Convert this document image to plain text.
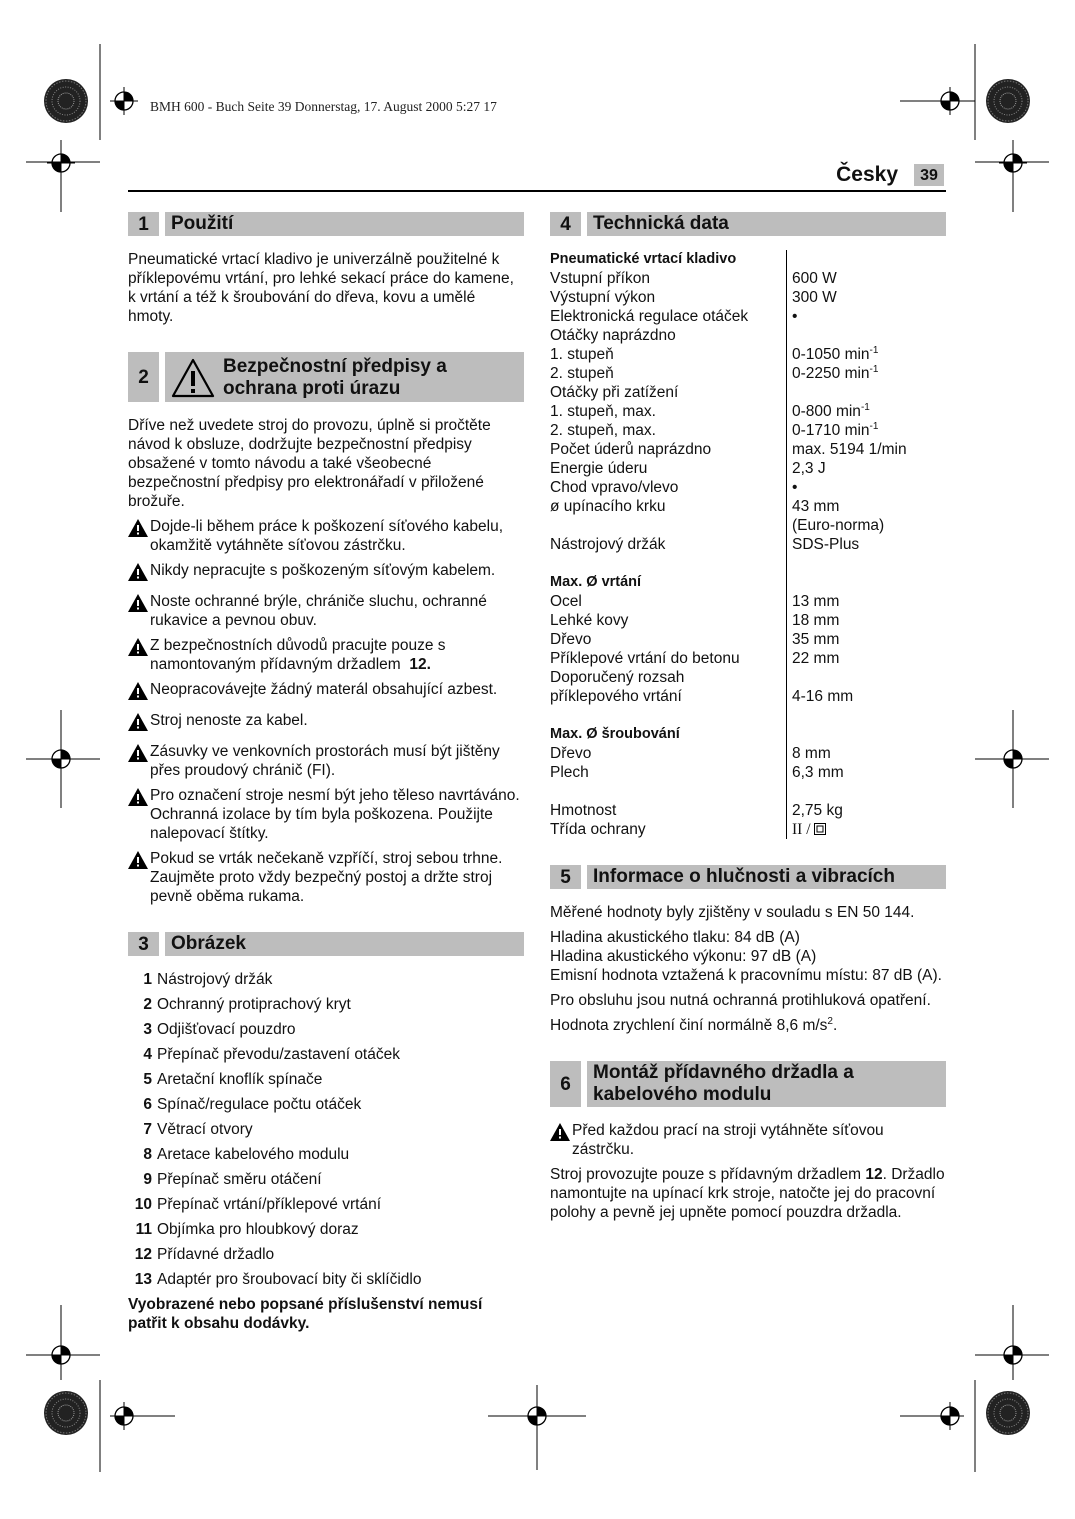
BMH 600 - Buch Seite 39 Donnerstag, 17. August 2000 5:27 17
Česky	39
1	Použití

Pneumatické vrtací kladivo je univerzálně použitelné k příklepovému vrtání, pro lehké sekací práce do kamene, k vrtání a též k šroubování do dřeva, kovu a umělé hmoty.

2	Bezpečnostní předpisy a
ochrana proti úrazu

Dříve než uvedete stroj do provozu, úplně si pročtěte návod k obsluze, dodržujte bezpečnostní předpisy obsažené v tomto návodu a také všeobecné bezpečnostní předpisy pro elektronářadí v přiložené brožuře.

Dojde-li během práce k poškození síťového kabelu, okamžitě vytáhněte síťovou zástrčku.
Nikdy nepracujte s poškozeným síťovým kabelem.
Noste ochranné brýle, chrániče sluchu, ochranné rukavice a pevnou obuv.
Z bezpečnostních důvodů pracujte pouze s namontovaným přídavným držadlem 12.
Neopracovávejte žádný materál obsahující azbest.
Stroj nenoste za kabel.
Zásuvky ve venkovních prostorách musí být jištěny přes proudový chránič (FI).
Pro označení stroje nesmí být jeho těleso navrtáváno. Ochranná izolace by tím byla poškozena. Použijte nalepovací štítky.
Pokud se vrták nečekaně vzpříčí, stroj sebou trhne. Zaujměte proto vždy bezpečný postoj a držte stroj pevně oběma rukama.
3	Obrázek
1 Nástrojový držák
2 Ochranný protiprachový kryt
3 Odjišťovací pouzdro
4 Přepínač převodu/zastavení otáček
5 Aretační knoflík spínače
6 Spínač/regulace počtu otáček
7 Větrací otvory
8 Aretace kabelového modulu
9 Přepínač směru otáčení
10 Přepínač vrtání/příklepové vrtání
11 Objímka pro hloubkový doraz
12 Přídavné držadlo
13 Adaptér pro šroubovací bity či sklíčidlo

Vyobrazené nebo popsané příslušenství nemusí patřit k obsahu dodávky.

4	Technická data
Pneumatické vrtací kladivo
Vstupní příkon	600 W
Výstupní výkon	300 W
Elektronická regulace otáček	•
Otáčky naprázdno
1. stupeň	0-1050 $\min^{-1}$
2. stupeň	0-2250 $\min^{-1}$
Otáčky při zatížení
1. stupeň, max.	0-800 $\min^{-1}$
2. stupeň, max.	0-1710 $\min^{-1}$
Počet úderů naprázdno	max. 5194 1/min
Energie úderu	2,3 J
Chod vpravo/vlevo	•
ø upínacího krku	43 mm
(Euro-norma)
Nástrojový držák	SDS-Plus
Max. Ø vrtání
Ocel	13 mm
Lehké kovy	18 mm
Dřevo	35 mm
Příklepové vrtání do betonu	22 mm
Doporučený rozsah
příklepového vrtání	4-16 mm
Max. Ø šroubování
Dřevo	8 mm
Plech	6,3 mm
Hmotnost	2,75 kg
Třída ochrany	II /
5	Informace o hlučnosti a vibracích

Měřené hodnoty byly zjištěny v souladu s EN 50 144.

Hladina akustického tlaku: 84 dB (A)
Hladina akustického výkonu: 97 dB (A)
Emisní hodnota vztažená k pracovnímu místu: 87 dB (A).

Pro obsluhu jsou nutná ochranná protihluková opatření.

Hodnota zrychlení činí normálně 8,6 $m/s^2$.

6
Montáž přídavného držadla a
kabelového modulu
Před každou prací na stroji vytáhněte síťovou zástrčku.

Stroj provozujte pouze s přídavným držadlem 12. Držadlo namontujte na upínací krk stroje, natočte jej do pracovní polohy a pevně jej upněte pomocí pouzdra držadla.
